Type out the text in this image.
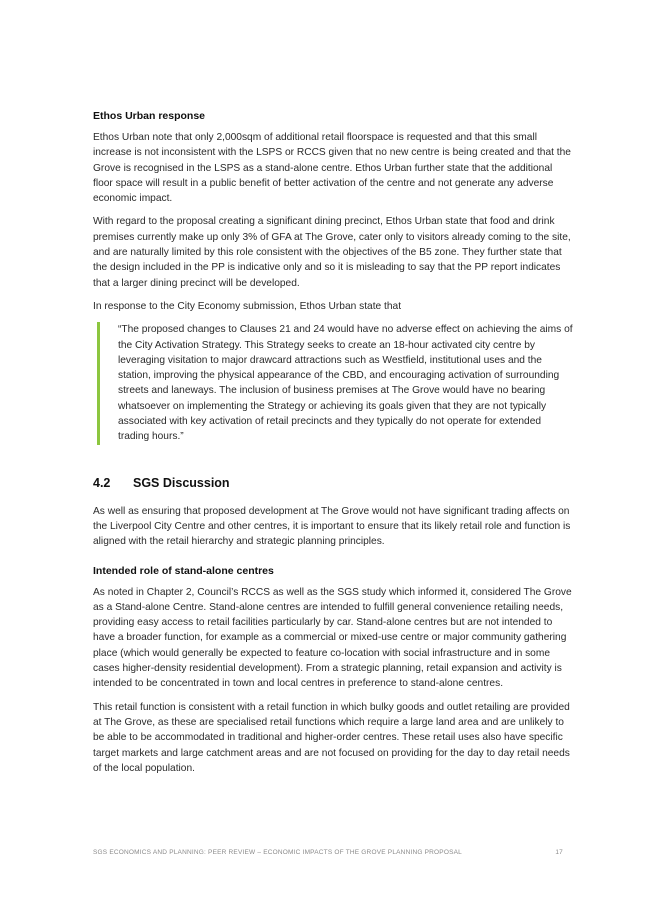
Ethos Urban response

Ethos Urban note that only 2,000sqm of additional retail floorspace is requested and that this small increase is not inconsistent with the LSPS or RCCS given that no new centre is being created and that the Grove is recognised in the LSPS as a stand-alone centre. Ethos Urban further state that the additional floor space will result in a public benefit of better activation of the centre and not generate any adverse economic impact.

With regard to the proposal creating a significant dining precinct, Ethos Urban state that food and drink premises currently make up only 3% of GFA at The Grove, cater only to visitors already coming to the site, and are naturally limited by this role consistent with the objectives of the B5 zone. They further state that the design included in the PP is indicative only and so it is misleading to say that the PP report indicates that a larger dining precinct will be developed.

In response to the City Economy submission, Ethos Urban state that

“The proposed changes to Clauses 21 and 24 would have no adverse effect on achieving the aims of the City Activation Strategy. This Strategy seeks to create an 18-hour activated city centre by leveraging visitation to major drawcard attractions such as Westfield, institutional uses and the station, improving the physical appearance of the CBD, and encouraging activation of surrounding streets and laneways. The inclusion of business premises at The Grove would have no bearing whatsoever on implementing the Strategy or achieving its goals given that they are not typically associated with key activation of retail precincts and they typically do not operate for extended trading hours.”
4.2	SGS Discussion

As well as ensuring that proposed development at The Grove would not have significant trading affects on the Liverpool City Centre and other centres, it is important to ensure that its likely retail role and function is aligned with the retail hierarchy and strategic planning principles.

Intended role of stand-alone centres

As noted in Chapter 2, Council’s RCCS as well as the SGS study which informed it, considered The Grove as a Stand-alone Centre. Stand-alone centres are intended to fulfill general convenience retailing needs, providing easy access to retail facilities particularly by car. Stand-alone centres but are not intended to have a broader function, for example as a commercial or mixed-use centre or major community gathering place (which would generally be expected to feature co-location with social infrastructure and in some cases higher-density residential development). From a strategic planning, retail expansion and activity is intended to be concentrated in town and local centres in preference to stand-alone centres.

This retail function is consistent with a retail function in which bulky goods and outlet retailing are provided at The Grove, as these are specialised retail functions which require a large land area and are unlikely to be able to be accommodated in traditional and higher-order centres. These retail uses also have specific target markets and large catchment areas and are not focused on providing for the day to day retail needs of the local population.

SGS ECONOMICS AND PLANNING: PEER REVIEW – ECONOMIC IMPACTS OF THE GROVE PLANNING PROPOSAL	17
